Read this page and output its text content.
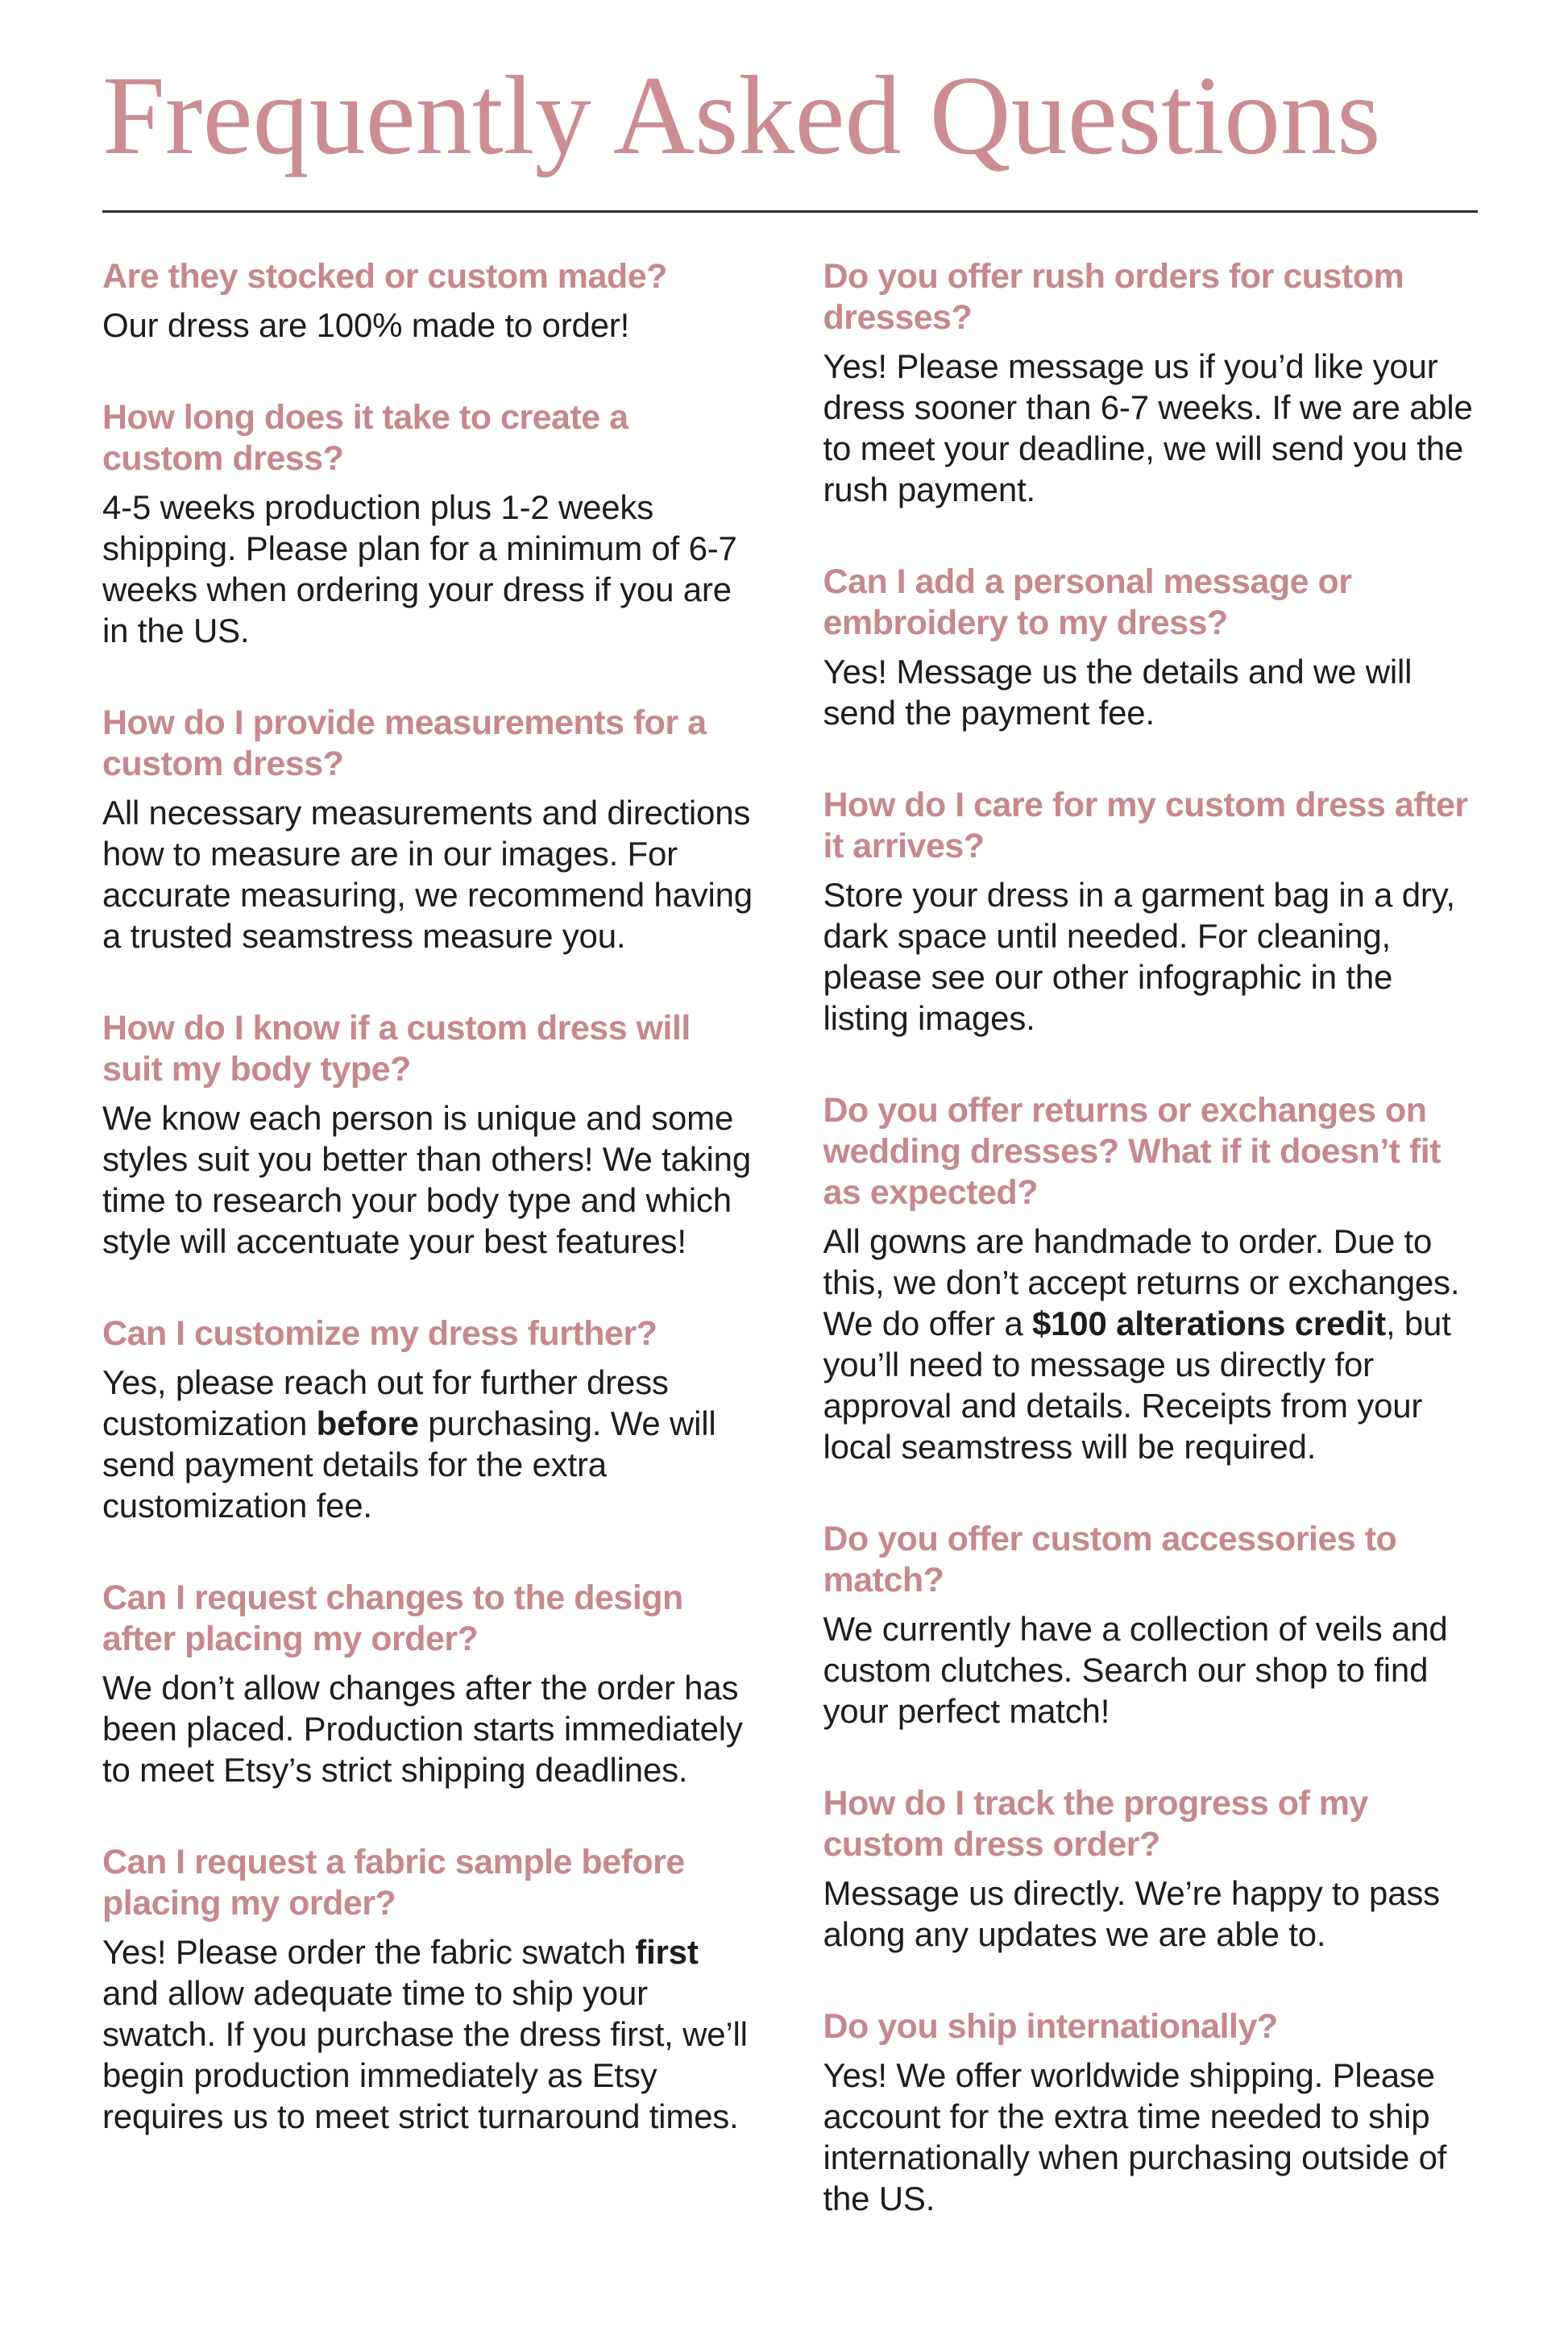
Frequently Asked Questions
Are they stocked or custom made?

Our dress are 100% made to order!

How long does it take to create a custom dress?

4-5 weeks production plus 1-2 weeks shipping. Please plan for a minimum of 6-7 weeks when ordering your dress if you are in the US.

How do I provide measurements for a custom dress?

All necessary measurements and directions how to measure are in our images. For accurate measuring, we recommend having a trusted seamstress measure you.

How do I know if a custom dress will suit my body type?

We know each person is unique and some styles suit you better than others! We taking time to research your body type and which style will accentuate your best features!

Can I customize my dress further?

Yes, please reach out for further dress customization before purchasing. We will send payment details for the extra customization fee.

Can I request changes to the design after placing my order?

We don’t allow changes after the order has been placed. Production starts immediately to meet Etsy’s strict shipping deadlines.

Can I request a fabric sample before placing my order?

Yes! Please order the fabric swatch first and allow adequate time to ship your swatch. If you purchase the dress first, we’ll begin production immediately as Etsy requires us to meet strict turnaround times.

Do you offer rush orders for custom dresses?

Yes! Please message us if you’d like your dress sooner than 6-7 weeks. If we are able to meet your deadline, we will send you the rush payment.

Can I add a personal message or embroidery to my dress?

Yes! Message us the details and we will send the payment fee.

How do I care for my custom dress after it arrives?

Store your dress in a garment bag in a dry, dark space until needed. For cleaning, please see our other infographic in the listing images.

Do you offer returns or exchanges on wedding dresses? What if it doesn’t fit as expected?

All gowns are handmade to order. Due to this, we don’t accept returns or exchanges. We do offer a $100 alterations credit, but you’ll need to message us directly for approval and details. Receipts from your local seamstress will be required.

Do you offer custom accessories to match?

We currently have a collection of veils and custom clutches. Search our shop to find your perfect match!

How do I track the progress of my custom dress order?

Message us directly. We’re happy to pass along any updates we are able to.

Do you ship internationally?

Yes! We offer worldwide shipping. Please account for the extra time needed to ship internationally when purchasing outside of the US.
